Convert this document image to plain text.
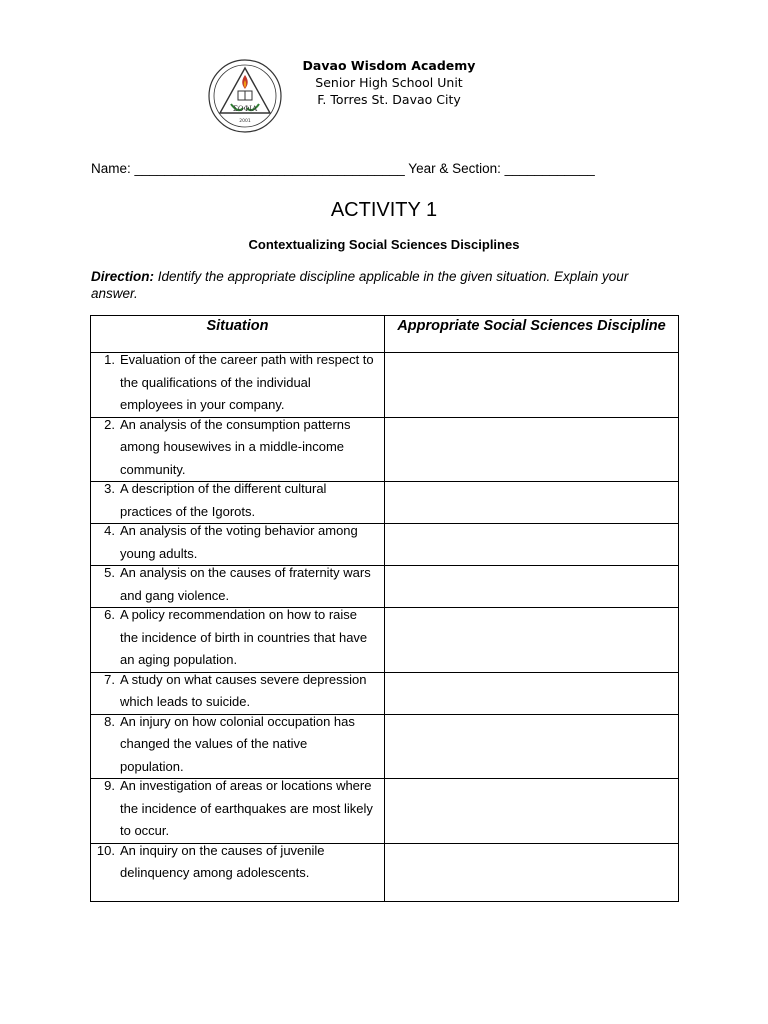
ΣΟΦΙΑ
2001
Davao Wisdom Academy
Senior High School Unit
F. Torres St. Davao City
Name: ____________________________________ Year & Section: ____________
ACTIVITY 1
Contextualizing Social Sciences Disciplines
Direction: Identify the appropriate discipline applicable in the given situation. Explain your answer.
Situation	Appropriate Social Sciences Discipline

1. Evaluation of the career path with respect to the qualifications of the individual employees in your company.	

2. An analysis of the consumption patterns among housewives in a middle-income community.	

3. A description of the different cultural practices of the Igorots.	

4. An analysis of the voting behavior among young adults.	

5. An analysis on the causes of fraternity wars and gang violence.	

6. A policy recommendation on how to raise the incidence of birth in countries that have an aging population.	

7. A study on what causes severe depression which leads to suicide.	

8. An injury on how colonial occupation has changed the values of the native population.	

9. An investigation of areas or locations where the incidence of earthquakes are most likely to occur.	

10. An inquiry on the causes of juvenile delinquency among adolescents.	
